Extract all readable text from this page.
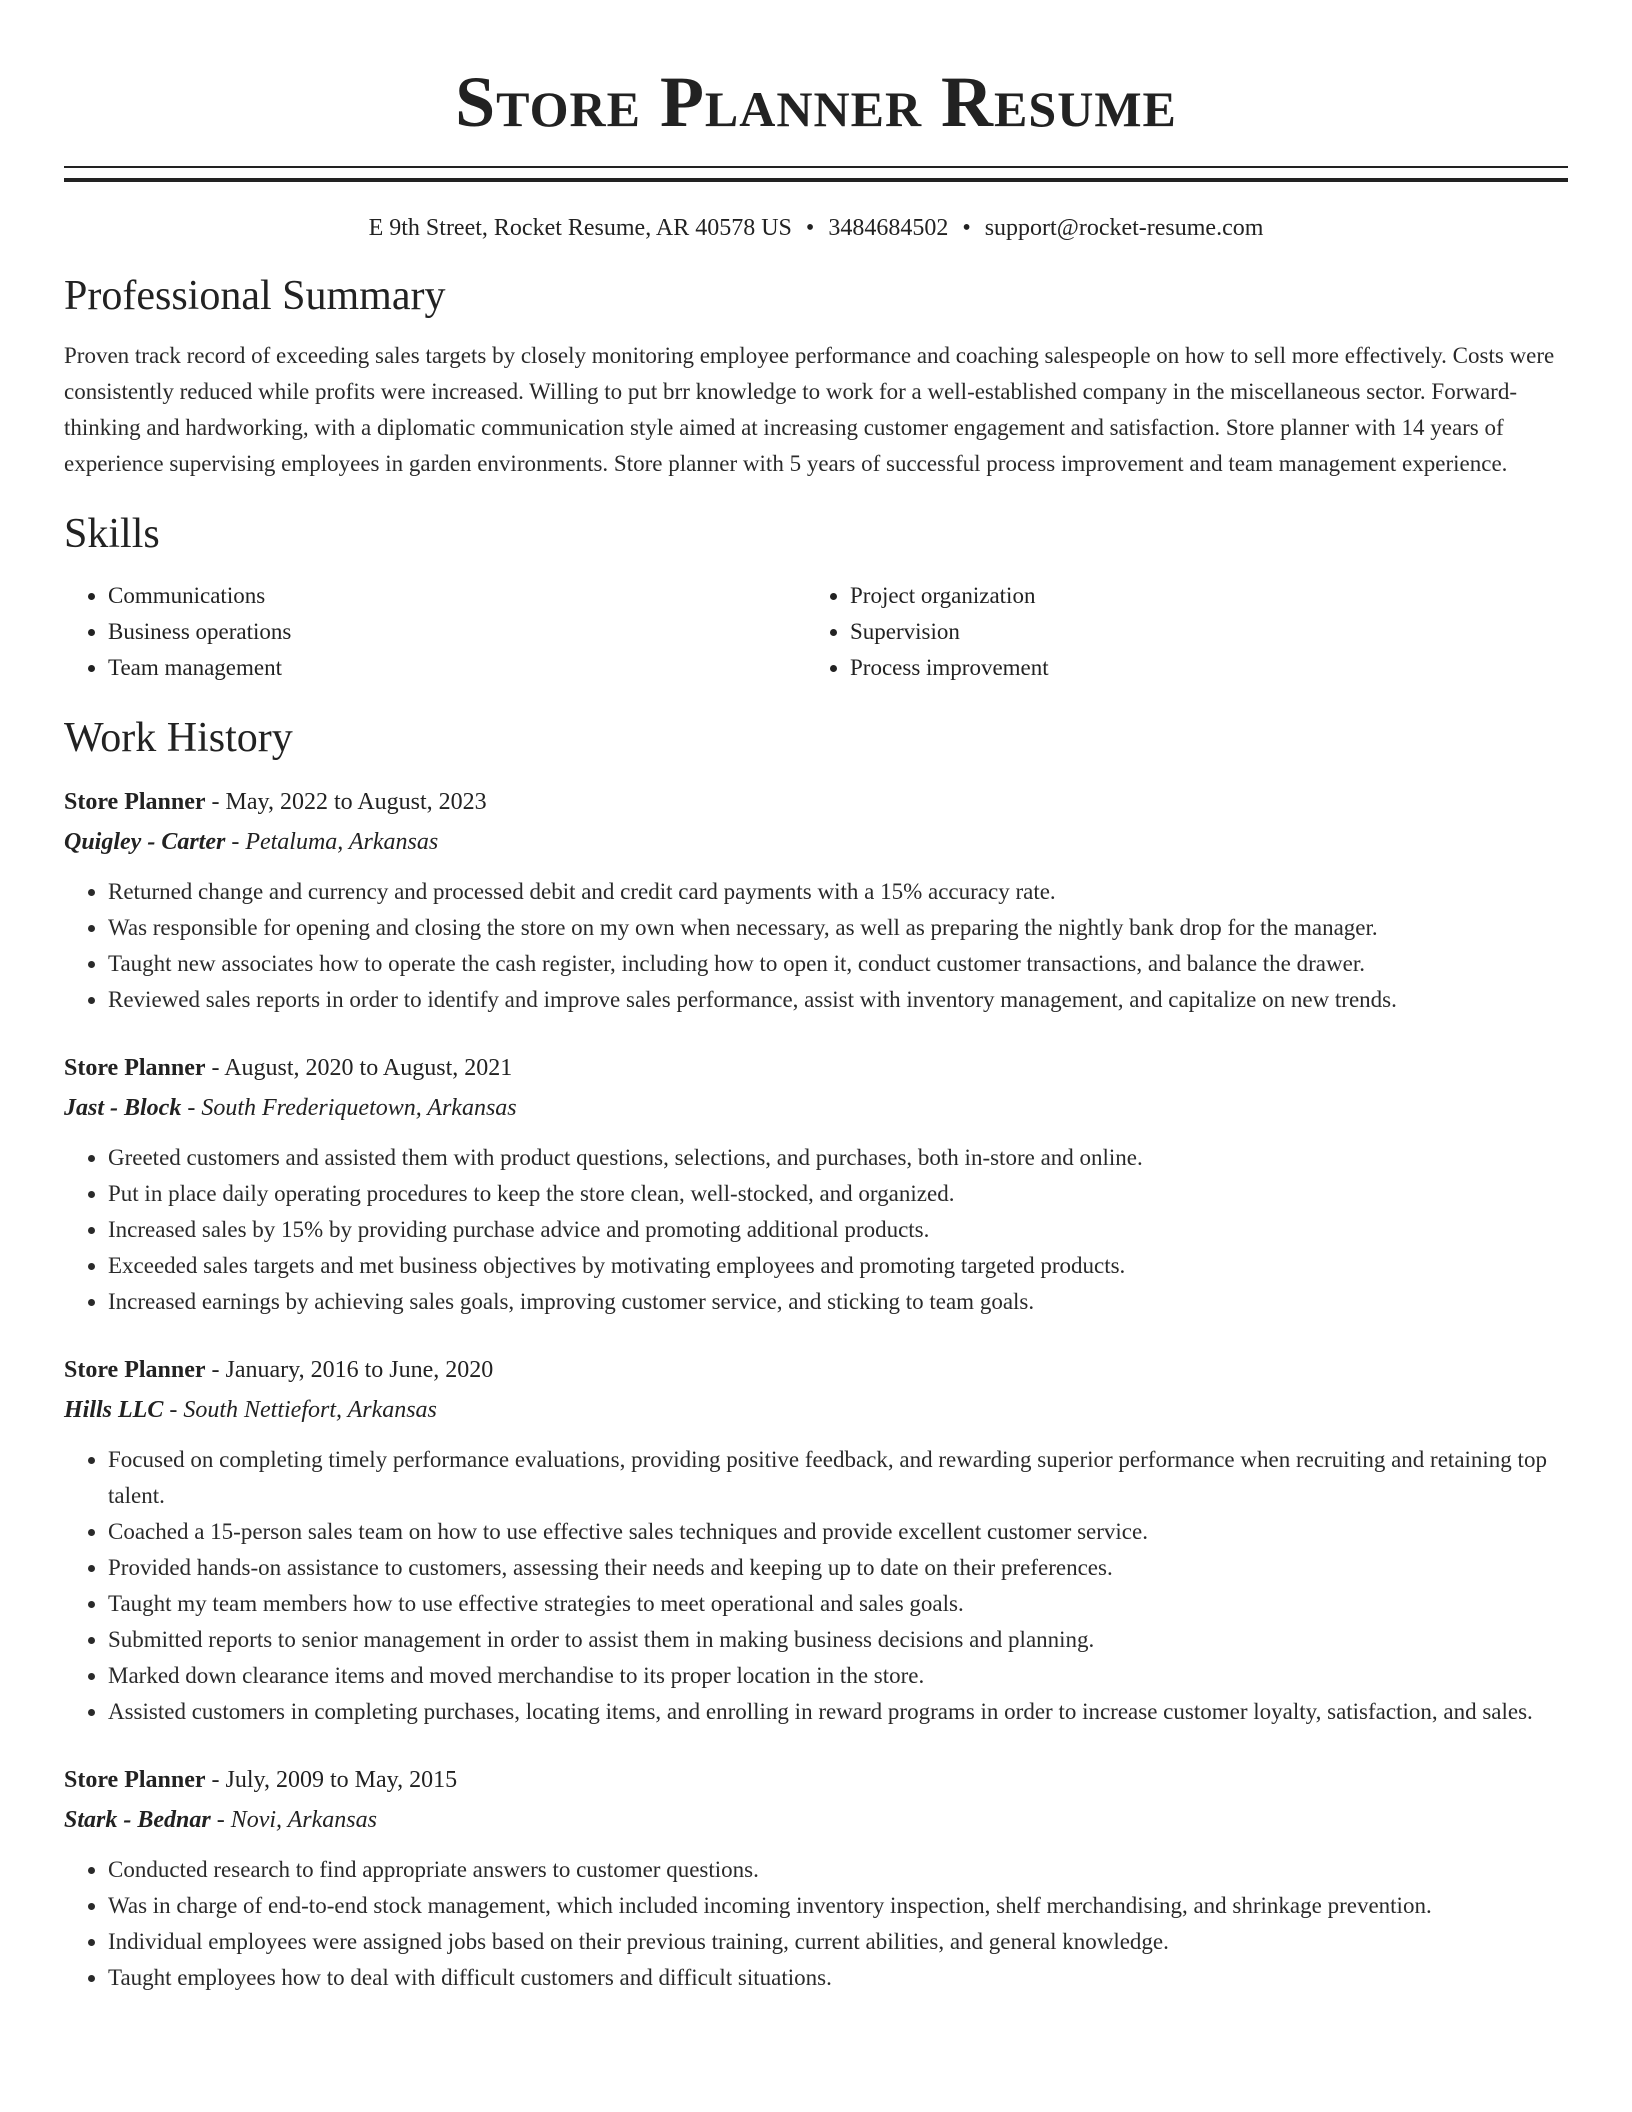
Store Planner Resume
E 9th Street, Rocket Resume, AR 40578 US • 3484684502 • support@rocket-resume.com
Professional Summary

Proven track record of exceeding sales targets by closely monitoring employee performance and coaching salespeople on how to sell more effectively. Costs were consistently reduced while profits were increased. Willing to put brr knowledge to work for a well-established company in the miscellaneous sector. Forward-thinking and hardworking, with a diplomatic communication style aimed at increasing customer engagement and satisfaction. Store planner with 14 years of experience supervising employees in garden environments. Store planner with 5 years of successful process improvement and team management experience.

Skills
• Communications
• Business operations
• Team management
• Project organization
• Supervision
• Process improvement
Work History
Store Planner - May, 2022 to August, 2023
Quigley - Carter - Petaluma, Arkansas
• Returned change and currency and processed debit and credit card payments with a 15% accuracy rate.
• Was responsible for opening and closing the store on my own when necessary, as well as preparing the nightly bank drop for the manager.
• Taught new associates how to operate the cash register, including how to open it, conduct customer transactions, and balance the drawer.
• Reviewed sales reports in order to identify and improve sales performance, assist with inventory management, and capitalize on new trends.
Store Planner - August, 2020 to August, 2021
Jast - Block - South Frederiquetown, Arkansas
• Greeted customers and assisted them with product questions, selections, and purchases, both in-store and online.
• Put in place daily operating procedures to keep the store clean, well-stocked, and organized.
• Increased sales by 15% by providing purchase advice and promoting additional products.
• Exceeded sales targets and met business objectives by motivating employees and promoting targeted products.
• Increased earnings by achieving sales goals, improving customer service, and sticking to team goals.
Store Planner - January, 2016 to June, 2020
Hills LLC - South Nettiefort, Arkansas
• Focused on completing timely performance evaluations, providing positive feedback, and rewarding superior performance when recruiting and retaining top talent.
• Coached a 15-person sales team on how to use effective sales techniques and provide excellent customer service.
• Provided hands-on assistance to customers, assessing their needs and keeping up to date on their preferences.
• Taught my team members how to use effective strategies to meet operational and sales goals.
• Submitted reports to senior management in order to assist them in making business decisions and planning.
• Marked down clearance items and moved merchandise to its proper location in the store.
• Assisted customers in completing purchases, locating items, and enrolling in reward programs in order to increase customer loyalty, satisfaction, and sales.
Store Planner - July, 2009 to May, 2015
Stark - Bednar - Novi, Arkansas
• Conducted research to find appropriate answers to customer questions.
• Was in charge of end-to-end stock management, which included incoming inventory inspection, shelf merchandising, and shrinkage prevention.
• Individual employees were assigned jobs based on their previous training, current abilities, and general knowledge.
• Taught employees how to deal with difficult customers and difficult situations.
